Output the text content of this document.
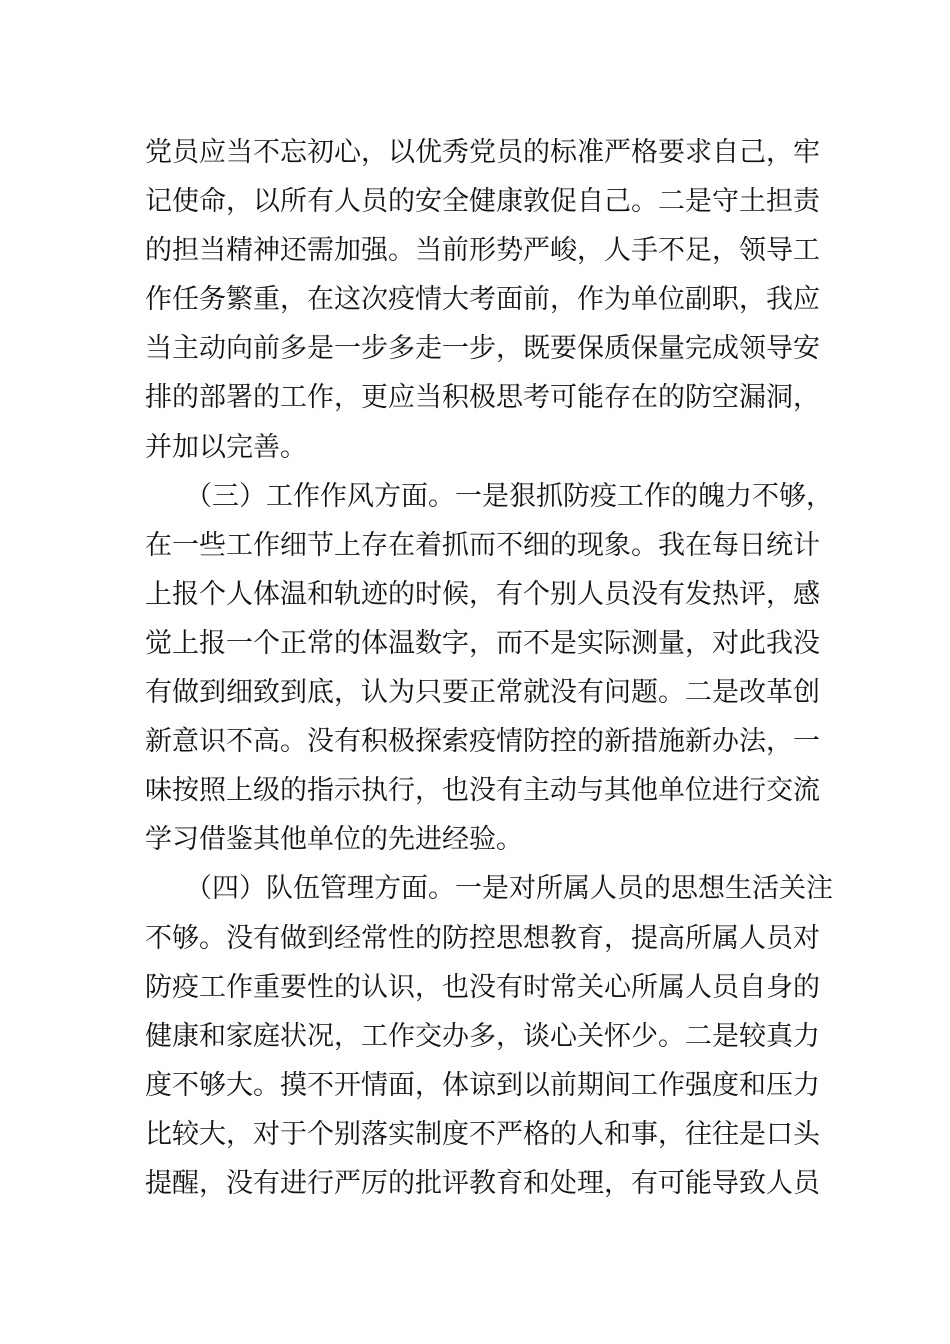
党员应当不忘初心，以优秀党员的标准严格要求自己，牢
记使命，以所有人员的安全健康敦促自己。二是守土担责
的担当精神还需加强。当前形势严峻，人手不足，领导工
作任务繁重，在这次疫情大考面前，作为单位副职，我应
当主动向前多是一步多走一步，既要保质保量完成领导安
排的部署的工作，更应当积极思考可能存在的防空漏洞，
并加以完善。
（三）工作作风方面。一是狠抓防疫工作的魄力不够，
在一些工作细节上存在着抓而不细的现象。我在每日统计
上报个人体温和轨迹的时候，有个别人员没有发热评，感
觉上报一个正常的体温数字，而不是实际测量，对此我没
有做到细致到底，认为只要正常就没有问题。二是改革创
新意识不高。没有积极探索疫情防控的新措施新办法，一
味按照上级的指示执行，也没有主动与其他单位进行交流
学习借鉴其他单位的先进经验。
（四）队伍管理方面。一是对所属人员的思想生活关注
不够。没有做到经常性的防控思想教育，提高所属人员对
防疫工作重要性的认识，也没有时常关心所属人员自身的
健康和家庭状况，工作交办多，谈心关怀少。二是较真力
度不够大。摸不开情面，体谅到以前期间工作强度和压力
比较大，对于个别落实制度不严格的人和事，往往是口头
提醒，没有进行严厉的批评教育和处理，有可能导致人员
